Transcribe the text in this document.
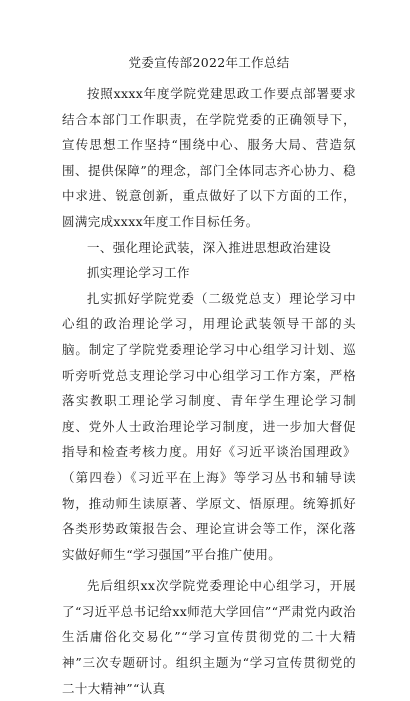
党委宣传部2022年工作总结

按照xxxx年度学院党建思政工作要点部署要求结合本部门工作职责，在学院党委的正确领导下，宣传思想工作坚持“围绕中心、服务大局、营造氛围、提供保障”的理念，部门全体同志齐心协力、稳中求进、锐意创新，重点做好了以下方面的工作，圆满完成xxxx年度工作目标任务。

一、强化理论武装，深入推进思想政治建设

抓实理论学习工作

扎实抓好学院党委（二级党总支）理论学习中心组的政治理论学习，用理论武装领导干部的头脑。制定了学院党委理论学习中心组学习计划、巡听旁听党总支理论学习中心组学习工作方案，严格落实教职工理论学习制度、青年学生理论学习制度、党外人士政治理论学习制度，进一步加大督促指导和检查考核力度。用好《习近平谈治国理政》（第四卷）《习近平在上海》等学习丛书和辅导读物，推动师生读原著、学原文、悟原理。统筹抓好各类形势政策报告会、理论宣讲会等工作，深化落实做好师生“学习强国”平台推广使用。

先后组织xx次学院党委理论中心组学习，开展了“习近平总书记给xx师范大学回信”“严肃党内政治生活庸俗化交易化”“学习宣传贯彻党的二十大精神”三次专题研讨。组织主题为“学习宣传贯彻党的二十大精神”“认真
